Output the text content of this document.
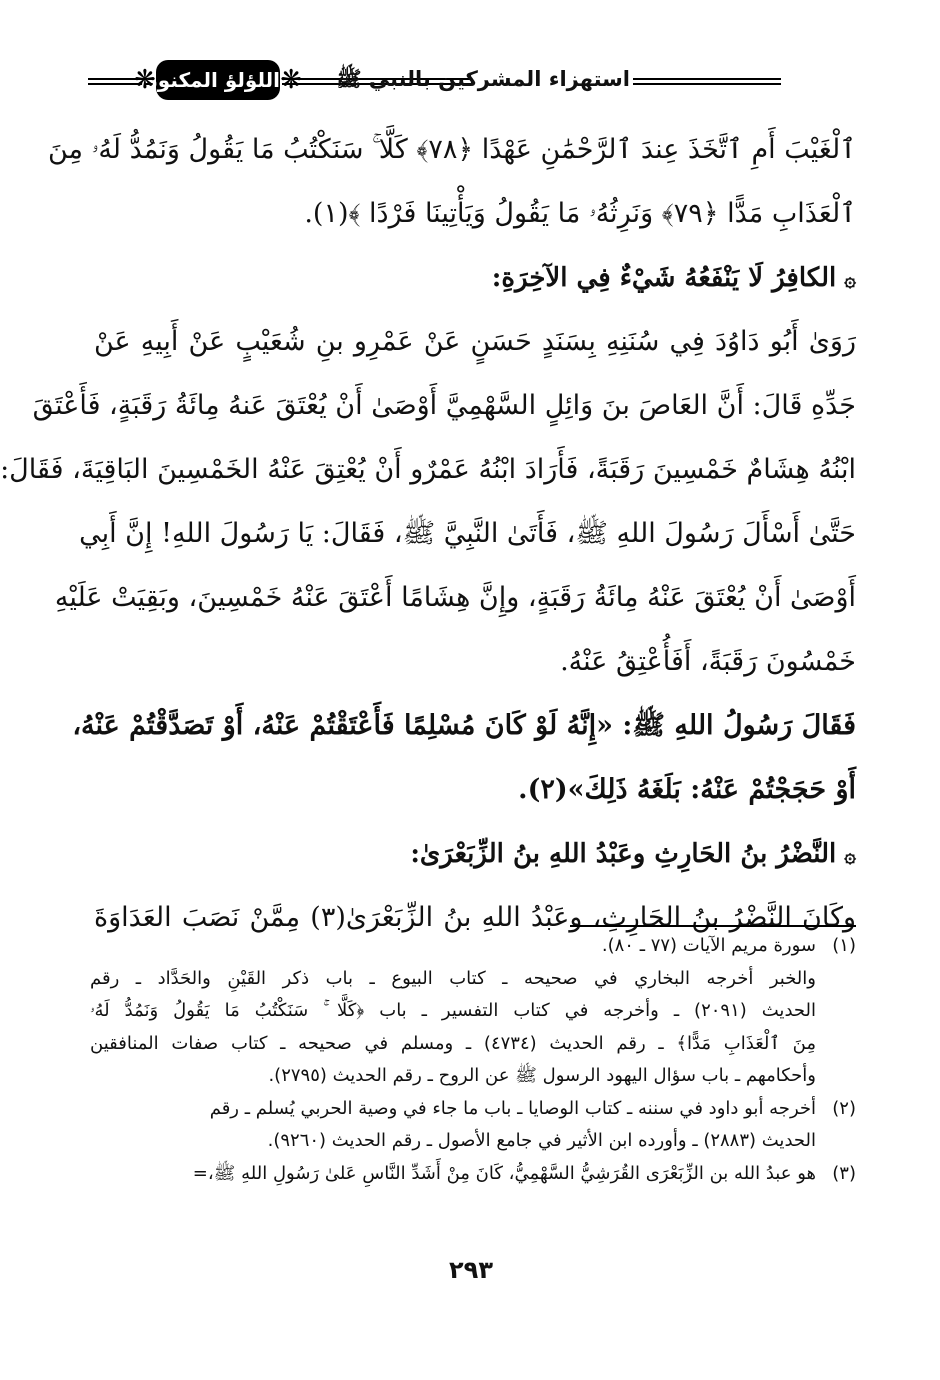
❋ اللؤلؤ المكنون ❋	استهزاء المشركين بالنبي ﷺ
ٱلْغَيْبَ أَمِ ٱتَّخَذَ عِندَ ٱلرَّحْمَٰنِ عَهْدًا ﴿٧٨﴾ كَلَّا ۚ سَنَكْتُبُ مَا يَقُولُ وَنَمُدُّ لَهُۥ مِنَ
ٱلْعَذَابِ مَدًّا ﴿٧٩﴾ وَنَرِثُهُۥ مَا يَقُولُ وَيَأْتِينَا فَرْدًا ﴾(١).
۞الكافِرُ لَا يَنْفَعُهُ شَيْءٌ فِي الآخِرَةِ:
رَوَىٰ أَبُو دَاوُدَ فِي سُنَنِهِ بِسَنَدٍ حَسَنٍ عَنْ عَمْرِو بنِ شُعَيْبٍ عَنْ أَبِيهِ عَنْ
جَدِّهِ قَالَ: أَنَّ العَاصَ بنَ وَائِلٍ السَّهْمِيَّ أَوْصَىٰ أَنْ يُعْتَقَ عَنهُ مِائَةُ رَقَبَةٍ، فَأَعْتَقَ
ابْنُهُ هِشَامٌ خَمْسِينَ رَقَبَةً، فَأَرَادَ ابْنُهُ عَمْرٌو أَنْ يُعْتِقَ عَنْهُ الخَمْسِينَ البَاقِيَةَ، فَقَالَ:
حَتَّىٰ أَسْأَلَ رَسُولَ اللهِ ﷺ، فَأَتَىٰ النَّبِيَّ ﷺ، فَقَالَ: يَا رَسُولَ اللهِ! إِنَّ أَبِي
أَوْصَىٰ أَنْ يُعْتَقَ عَنْهُ مِائَةُ رَقَبَةٍ، وإِنَّ هِشَامًا أَعْتَقَ عَنْهُ خَمْسِينَ، وبَقِيَتْ عَلَيْهِ
خَمْسُونَ رَقَبَةً، أَفَأُعْتِقُ عَنْهُ.
فَقَالَ رَسُولُ اللهِ ﷺ: «إِنَّهُ لَوْ كَانَ مُسْلِمًا فَأَعْتَقْتُمْ عَنْهُ، أَوْ تَصَدَّقْتُمْ عَنْهُ،
أَوْ حَجَجْتُمْ عَنْهُ: بَلَغَهُ ذَلِكَ»(٢).
۞النَّضْرُ بنُ الحَارِثِ وعَبْدُ اللهِ بنُ الزِّبَعْرَىٰ:
وكَانَ النَّضْرُ بنُ الحَارِثِ، وعَبْدُ اللهِ بنُ الزِّبَعْرَىٰ(٣) مِمَّنْ نَصَبَ العَدَاوَةَ
(١)سورة مريم الآيات (٧٧ ـ ٨٠).
والخبر أخرجه البخاري في صحيحه ـ كتاب البيوع ـ باب ذكر القَيْنِ والحَدَّاد ـ رقم
الحديث (٢٠٩١) ـ وأخرجه في كتاب التفسير ـ باب ﴿كَلَّا ۚ سَنَكْتُبُ مَا يَقُولُ وَنَمُدُّ لَهُۥ
مِنَ ٱلْعَذَابِ مَدًّا﴾ ـ رقم الحديث (٤٧٣٤) ـ ومسلم في صحيحه ـ كتاب صفات المنافقين
وأحكامهم ـ باب سؤال اليهود الرسول ﷺ عن الروح ـ رقم الحديث (٢٧٩٥).
(٢)أخرجه أبو داود في سننه ـ كتاب الوصايا ـ باب ما جاء في وصية الحربي يُسلم ـ رقم
الحديث (٢٨٨٣) ـ وأورده ابن الأثير في جامع الأصول ـ رقم الحديث (٩٢٦٠).
(٣)هو عبدُ الله بن الزِّبَعْرَى القُرَشِيُّ السَّهْمِيُّ، كَانَ مِنْ أَشَدِّ النَّاسِ عَلىٰ رَسُولِ اللهِ ﷺ،=
٢٩٣
